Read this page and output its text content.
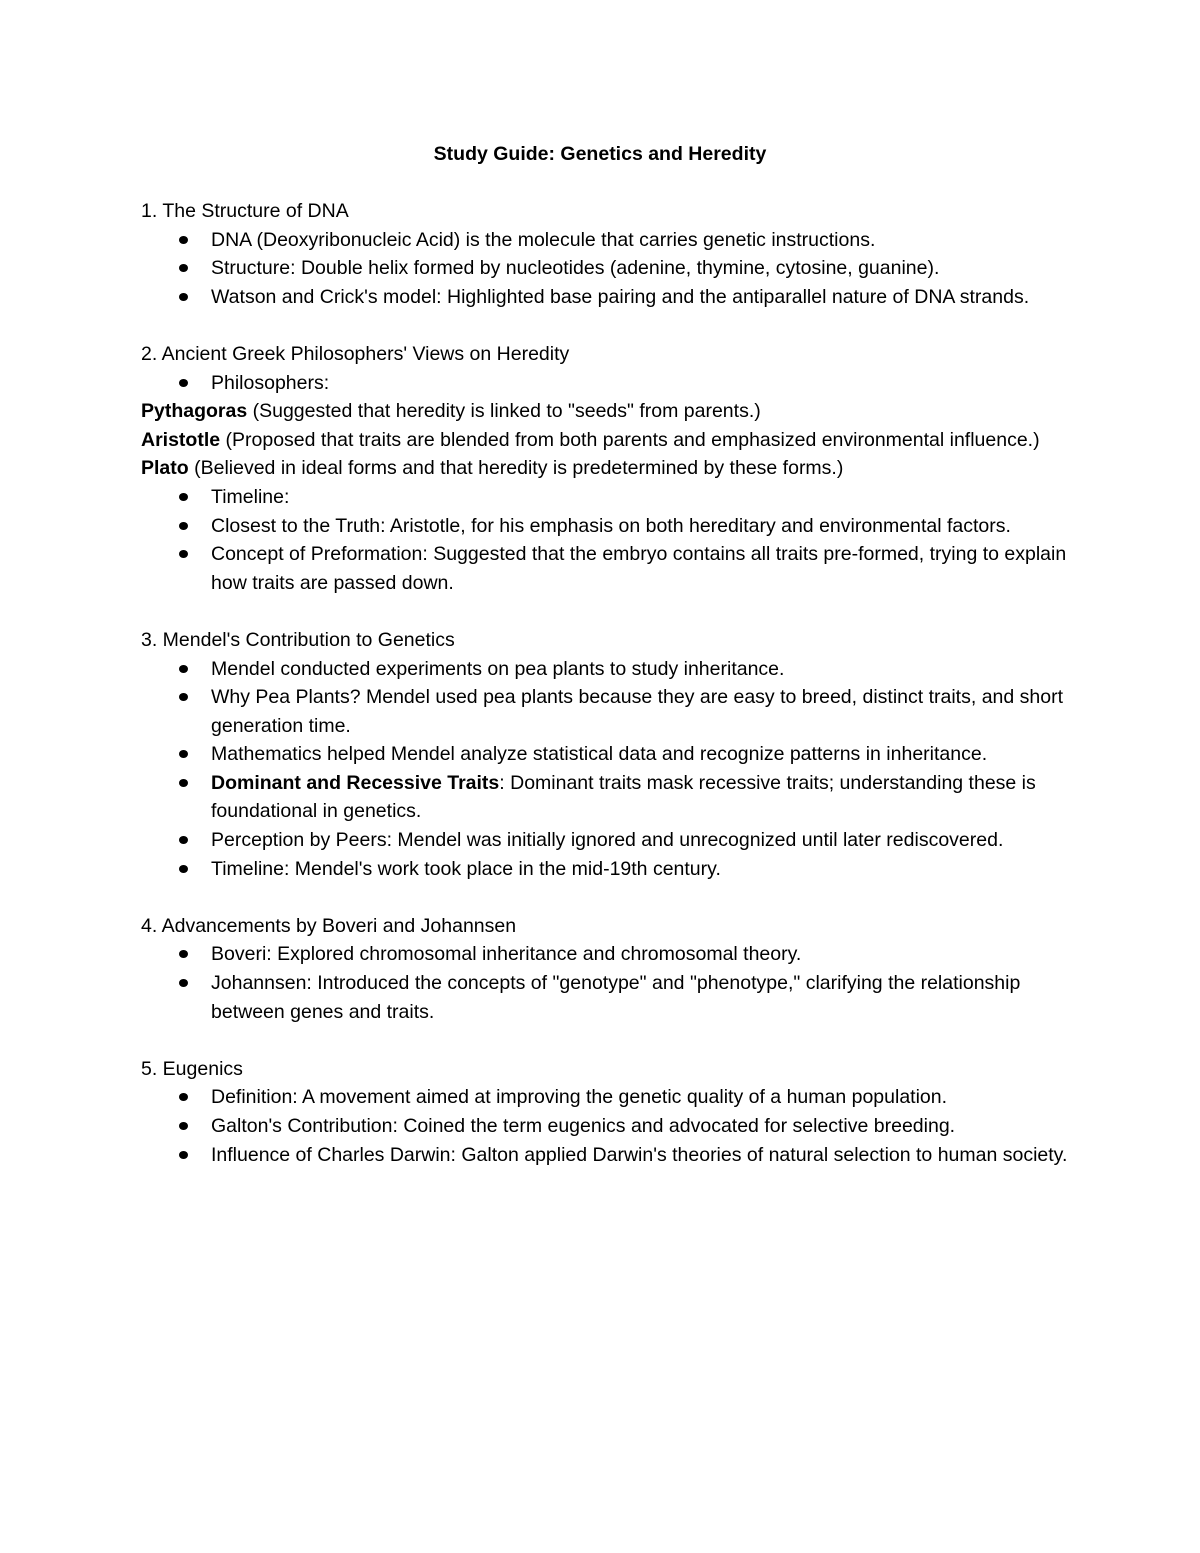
Study Guide: Genetics and Heredity

1. The Structure of DNA

DNA (Deoxyribonucleic Acid) is the molecule that carries genetic instructions.
Structure: Double helix formed by nucleotides (adenine, thymine, cytosine, guanine).
Watson and Crick's model: Highlighted base pairing and the antiparallel nature of DNA strands.

2. Ancient Greek Philosophers' Views on Heredity

Philosophers:

Pythagoras (Suggested that heredity is linked to "seeds" from parents.)

Aristotle (Proposed that traits are blended from both parents and emphasized environmental influence.)

Plato (Believed in ideal forms and that heredity is predetermined by these forms.)

Timeline:
Closest to the Truth: Aristotle, for his emphasis on both hereditary and environmental factors.
Concept of Preformation: Suggested that the embryo contains all traits pre-formed, trying to explain how traits are passed down.

3. Mendel's Contribution to Genetics

Mendel conducted experiments on pea plants to study inheritance.
Why Pea Plants? Mendel used pea plants because they are easy to breed, distinct traits, and short generation time.
Mathematics helped Mendel analyze statistical data and recognize patterns in inheritance.
Dominant and Recessive Traits: Dominant traits mask recessive traits; understanding these is foundational in genetics.
Perception by Peers: Mendel was initially ignored and unrecognized until later rediscovered.
Timeline: Mendel's work took place in the mid-19th century.

4. Advancements by Boveri and Johannsen

Boveri: Explored chromosomal inheritance and chromosomal theory.
Johannsen: Introduced the concepts of "genotype" and "phenotype," clarifying the relationship between genes and traits.

5. Eugenics

Definition: A movement aimed at improving the genetic quality of a human population.
Galton's Contribution: Coined the term eugenics and advocated for selective breeding.
Influence of Charles Darwin: Galton applied Darwin's theories of natural selection to human society.
